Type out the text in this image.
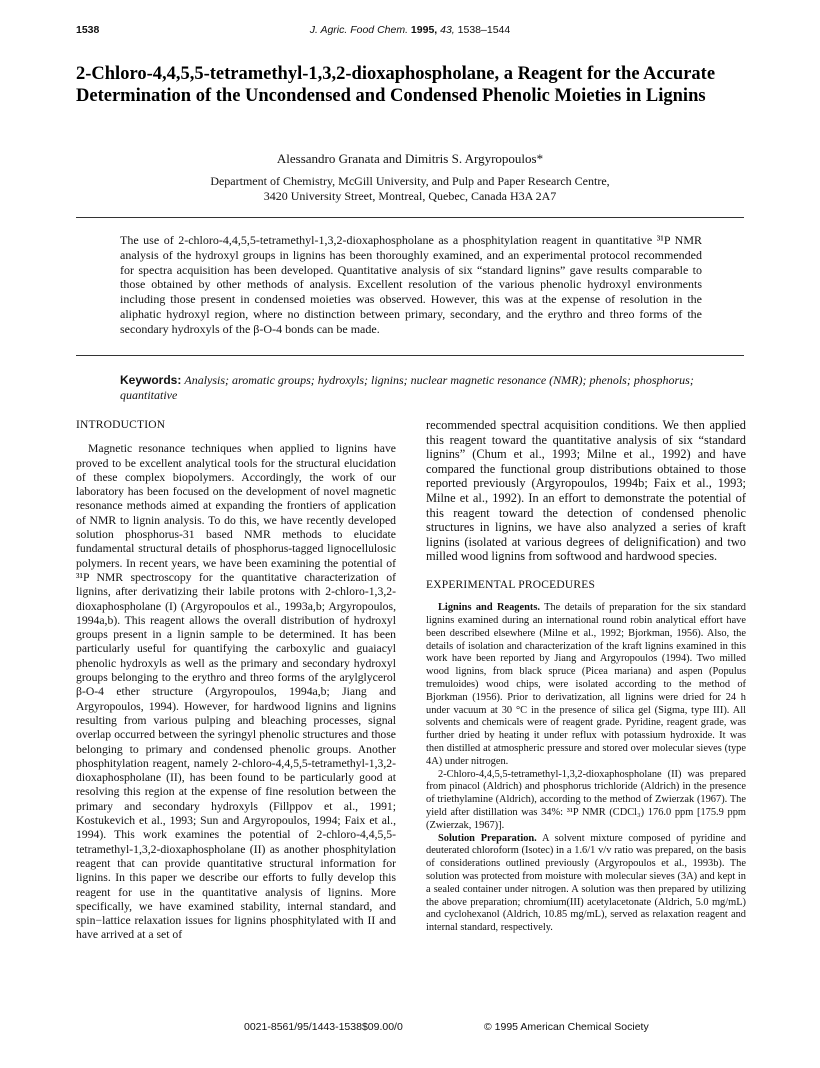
1538	J. Agric. Food Chem. 1995, 43, 1538–1544
2-Chloro-4,4,5,5-tetramethyl-1,3,2-dioxaphospholane, a Reagent for the Accurate Determination of the Uncondensed and Condensed Phenolic Moieties in Lignins
Alessandro Granata and Dimitris S. Argyropoulos*
Department of Chemistry, McGill University, and Pulp and Paper Research Centre,
3420 University Street, Montreal, Quebec, Canada H3A 2A7

The use of 2-chloro-4,4,5,5-tetramethyl-1,3,2-dioxaphospholane as a phosphitylation reagent in quantitative ³¹P NMR analysis of the hydroxyl groups in lignins has been thoroughly examined, and an experimental protocol recommended for spectra acquisition has been developed. Quantitative analysis of six “standard lignins” gave results comparable to those obtained by other methods of analysis. Excellent resolution of the various phenolic hydroxyl environments including those present in condensed moieties was observed. However, this was at the expense of resolution in the aliphatic hydroxyl region, where no distinction between primary, secondary, and the erythro and threo forms of the secondary hydroxyls of the β-O-4 bonds can be made.

Keywords: Analysis; aromatic groups; hydroxyls; lignins; nuclear magnetic resonance (NMR); phenols; phosphorus; quantitative

INTRODUCTION

Magnetic resonance techniques when applied to lignins have proved to be excellent analytical tools for the structural elucidation of these complex biopolymers. Accordingly, the work of our laboratory has been focused on the development of novel magnetic resonance methods aimed at expanding the frontiers of application of NMR to lignin analysis. To do this, we have recently developed solution phosphorus-31 based NMR methods to elucidate fundamental structural details of phosphorus-tagged lignocellulosic polymers. In recent years, we have been examining the potential of ³¹P NMR spectroscopy for the quantitative characterization of lignins, after derivatizing their labile protons with 2-chloro-1,3,2-dioxaphospholane (I) (Argyropoulos et al., 1993a,b; Argyropoulos, 1994a,b). This reagent allows the overall distribution of hydroxyl groups present in a lignin sample to be determined. It has been particularly useful for quantifying the carboxylic and guaiacyl phenolic hydroxyls as well as the primary and secondary hydroxyl groups belonging to the erythro and threo forms of the arylglycerol β-O-4 ether structure (Argyropoulos, 1994a,b; Jiang and Argyropoulos, 1994). However, for hardwood lignins and lignins resulting from various pulping and bleaching processes, signal overlap occurred between the syringyl phenolic structures and those belonging to primary and condensed phenolic groups. Another phosphitylation reagent, namely 2-chloro-4,4,5,5-tetramethyl-1,3,2-dioxaphospholane (II), has been found to be particularly good at resolving this region at the expense of fine resolution between the primary and secondary hydroxyls (Fillppov et al., 1991; Kostukevich et al., 1993; Sun and Argyropoulos, 1994; Faix et al., 1994). This work examines the potential of 2-chloro-4,4,5,5-tetramethyl-1,3,2-dioxaphospholane (II) as another phosphitylation reagent that can provide quantitative structural information for lignins. In this paper we describe our efforts to fully develop this reagent for use in the quantitative analysis of lignins. More specifically, we have examined stability, internal standard, and spin−lattice relaxation issues for lignins phosphitylated with II and have arrived at a set of

recommended spectral acquisition conditions. We then applied this reagent toward the quantitative analysis of six “standard lignins” (Chum et al., 1993; Milne et al., 1992) and have compared the functional group distributions obtained to those reported previously (Argyropoulos, 1994b; Faix et al., 1993; Milne et al., 1992). In an effort to demonstrate the potential of this reagent toward the detection of condensed phenolic structures in lignins, we have also analyzed a series of kraft lignins (isolated at various degrees of delignification) and two milled wood lignins from softwood and hardwood species.

EXPERIMENTAL PROCEDURES

Lignins and Reagents. The details of preparation for the six standard lignins examined during an international round robin analytical effort have been described elsewhere (Milne et al., 1992; Bjorkman, 1956). Also, the details of isolation and characterization of the kraft lignins examined in this work have been reported by Jiang and Argyropoulos (1994). Two milled wood lignins, from black spruce (Picea mariana) and aspen (Populus tremuloides) wood chips, were isolated according to the method of Bjorkman (1956). Prior to derivatization, all lignins were dried for 24 h under vacuum at 30 °C in the presence of silica gel (Sigma, type III). All solvents and chemicals were of reagent grade. Pyridine, reagent grade, was further dried by heating it under reflux with potassium hydroxide. It was then distilled at atmospheric pressure and stored over molecular sieves (type 4A) under nitrogen.

2-Chloro-4,4,5,5-tetramethyl-1,3,2-dioxaphospholane (II) was prepared from pinacol (Aldrich) and phosphorus trichloride (Aldrich) in the presence of triethylamine (Aldrich), according to the method of Zwierzak (1967). The yield after distillation was 34%: ³¹P NMR (CDCl₃) 176.0 ppm [175.9 ppm (Zwierzak, 1967)].

Solution Preparation. A solvent mixture composed of pyridine and deuterated chloroform (Isotec) in a 1.6/1 v/v ratio was prepared, on the basis of considerations outlined previously (Argyropoulos et al., 1993b). The solution was protected from moisture with molecular sieves (3A) and kept in a sealed container under nitrogen. A solution was then prepared by utilizing the above preparation; chromium(III) acetylacetonate (Aldrich, 5.0 mg/mL) and cyclohexanol (Aldrich, 10.85 mg/mL), served as relaxation reagent and internal standard, respectively.

0021-8561/95/1443-1538$09.00/0	© 1995 American Chemical Society
